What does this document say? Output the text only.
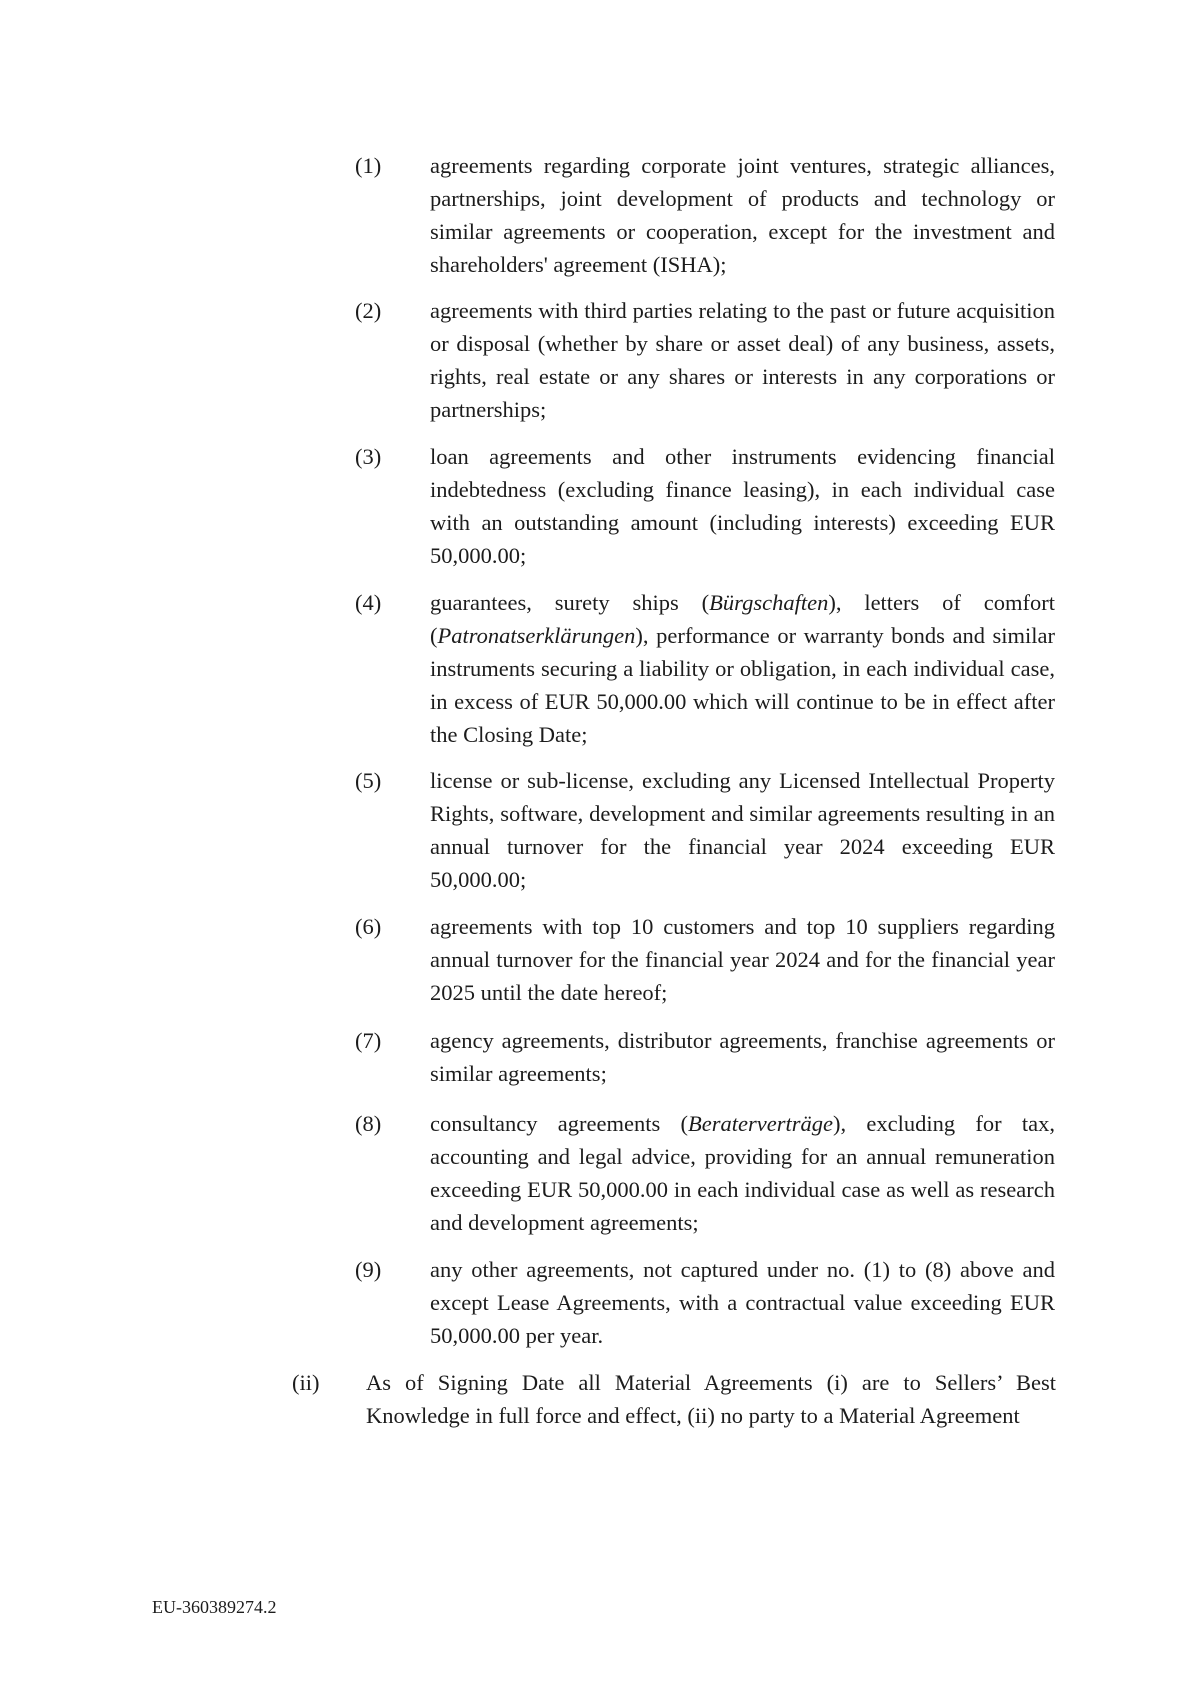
(1) agreements regarding corporate joint ventures, strategic alliances, partnerships, joint development of products and technology or similar agreements or cooperation, except for the investment and shareholders' agreement (ISHA);
(2) agreements with third parties relating to the past or future acquisition or disposal (whether by share or asset deal) of any business, assets, rights, real estate or any shares or interests in any corporations or partnerships;
(3) loan agreements and other instruments evidencing financial indebtedness (excluding finance leasing), in each individual case with an outstanding amount (including interests) exceeding EUR 50,000.00;
(4) guarantees, surety ships (Bürgschaften), letters of comfort (Patronatserklärungen), performance or warranty bonds and similar instruments securing a liability or obligation, in each individual case, in excess of EUR 50,000.00 which will continue to be in effect after the Closing Date;
(5) license or sub-license, excluding any Licensed Intellectual Property Rights, software, development and similar agreements resulting in an annual turnover for the financial year 2024 exceeding EUR 50,000.00;
(6) agreements with top 10 customers and top 10 suppliers regarding annual turnover for the financial year 2024 and for the financial year 2025 until the date hereof;
(7) agency agreements, distributor agreements, franchise agreements or similar agreements;
(8) consultancy agreements (Beraterverträge), excluding for tax, accounting and legal advice, providing for an annual remuneration exceeding EUR 50,000.00 in each individual case as well as research and development agreements;
(9) any other agreements, not captured under no. (1) to (8) above and except Lease Agreements, with a contractual value exceeding EUR 50,000.00 per year.
(ii) As of Signing Date all Material Agreements (i) are to Sellers’ Best Knowledge in full force and effect, (ii) no party to a Material Agreement
EU-360389274.2
